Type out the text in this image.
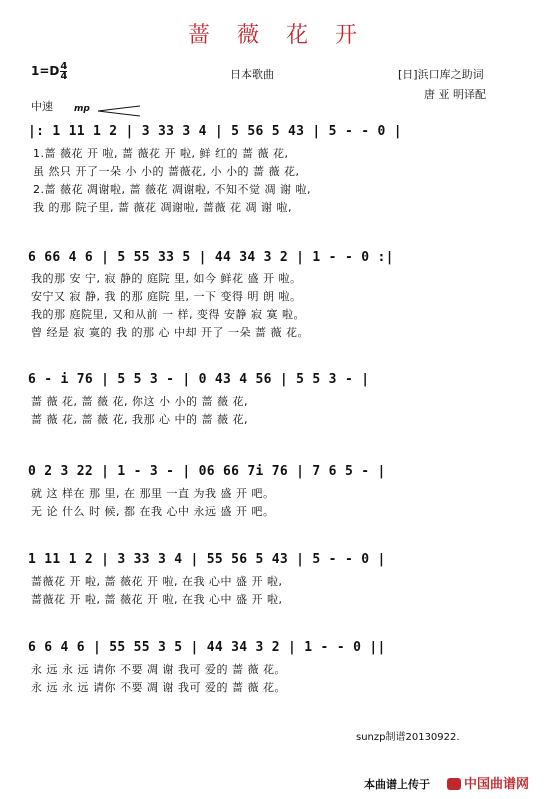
蔷 薇 花 开
$1=D \frac{4}{4}$	日本歌曲	[日]浜口库之助词
唐 亚 明译配
中速 mp
|: 1 11 1 2 | 3 33 3 4 | 5 56 5 43 | 5 - - 0 |
1.蔷 薇花 开 啦, 蔷 薇花 开 啦, 鲜 红的 蔷 薇 花,
虽 然只 开了一朵 小 小的 蔷薇花, 小 小的 蔷 薇 花,
2.蔷 薇花 凋谢啦, 蔷 薇花 凋谢啦, 不知不觉 凋 谢 啦,
我 的那 院子里, 蔷 薇花 凋谢啦, 蔷薇 花 凋 谢 啦,
6 66 4 6 | 5 55 33 5 | 44 34 3 2 | 1 - - 0 :|
我的那 安 宁, 寂 静的 庭院 里, 如今 鲜花 盛 开 啦。
安宁又 寂 静, 我 的那 庭院 里, 一下 变得 明 朗 啦。
我的那 庭院里, 又和从前 一 样, 变得 安静 寂 寞 啦。
曾 经是 寂 寞的 我 的那 心 中却 开了 一朵 蔷 薇 花。
6 - i 76 | 5 5 3 - | 0 43 4 56 | 5 5 3 - |
蔷 薇 花, 蔷 薇 花, 你这 小 小的 蔷 薇 花,
蔷 薇 花, 蔷 薇 花, 我那 心 中的 蔷 薇 花,
0 2 3 22 | 1 - 3 - | 06 66 7i 76 | 7 6 5 - |
就 这 样在 那 里, 在 那里 一直 为我 盛 开 吧。
无 论 什么 时 候, 都 在我 心中 永远 盛 开 吧。
1 11 1 2 | 3 33 3 4 | 55 56 5 43 | 5 - - 0 |
蔷薇花 开 啦, 蔷 薇花 开 啦, 在我 心中 盛 开 啦,
蔷薇花 开 啦, 蔷 薇花 开 啦, 在我 心中 盛 开 啦,
6 6 4 6 | 55 55 3 5 | 44 34 3 2 | 1 - - 0 ||
永 远 永 远 请你 不要 凋 谢 我可 爱的 蔷 薇 花。
永 远 永 远 请你 不要 凋 谢 我可 爱的 蔷 薇 花。
sunzp制谱20130922.
本曲谱上传于	中国曲谱网
